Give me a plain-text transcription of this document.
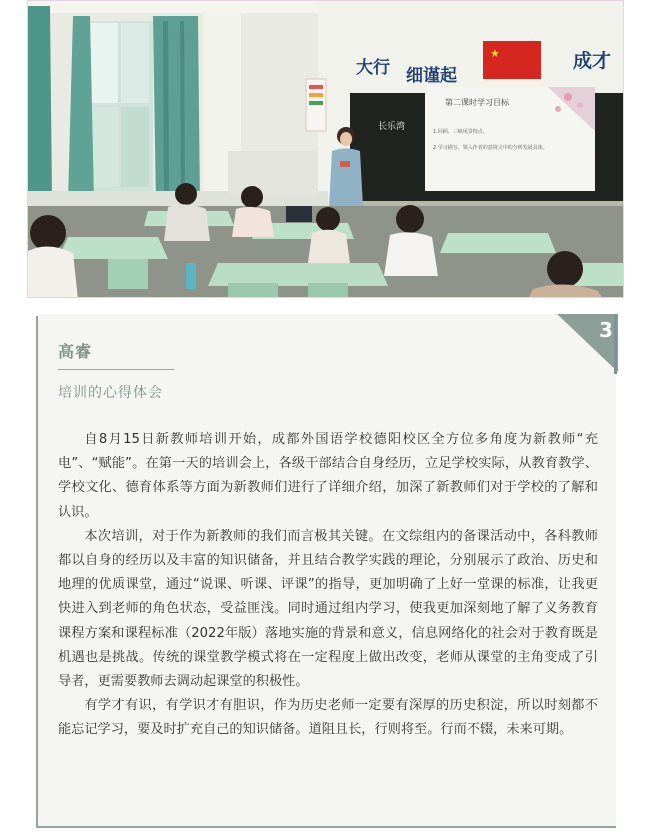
大行 细谨起
成才
★
长乐湾
第二课时学习目标
1.回顾、三峡风景特点。
2.学习描写、领入作者的意境文中的分析发展具体。
3
高睿
培训的心得体会

自8月15日新教师培训开始，成都外国语学校德阳校区全方位多角度为新教师“充电”、“赋能”。在第一天的培训会上，各级干部结合自身经历，立足学校实际，从教育教学、学校文化、德育体系等方面为新教师们进行了详细介绍，加深了新教师们对于学校的了解和认识。

本次培训，对于作为新教师的我们而言极其关键。在文综组内的备课活动中，各科教师都以自身的经历以及丰富的知识储备，并且结合教学实践的理论，分别展示了政治、历史和地理的优质课堂，通过“说课、听课、评课”的指导，更加明确了上好一堂课的标准，让我更快进入到老师的角色状态，受益匪浅。同时通过组内学习，使我更加深刻地了解了义务教育课程方案和课程标准（2022年版）落地实施的背景和意义，信息网络化的社会对于教育既是机遇也是挑战。传统的课堂教学模式将在一定程度上做出改变，老师从课堂的主角变成了引导者，更需要教师去调动起课堂的积极性。

有学才有识，有学识才有胆识，作为历史老师一定要有深厚的历史积淀，所以时刻都不能忘记学习，要及时扩充自己的知识储备。道阻且长，行则将至。行而不辍，未来可期。
